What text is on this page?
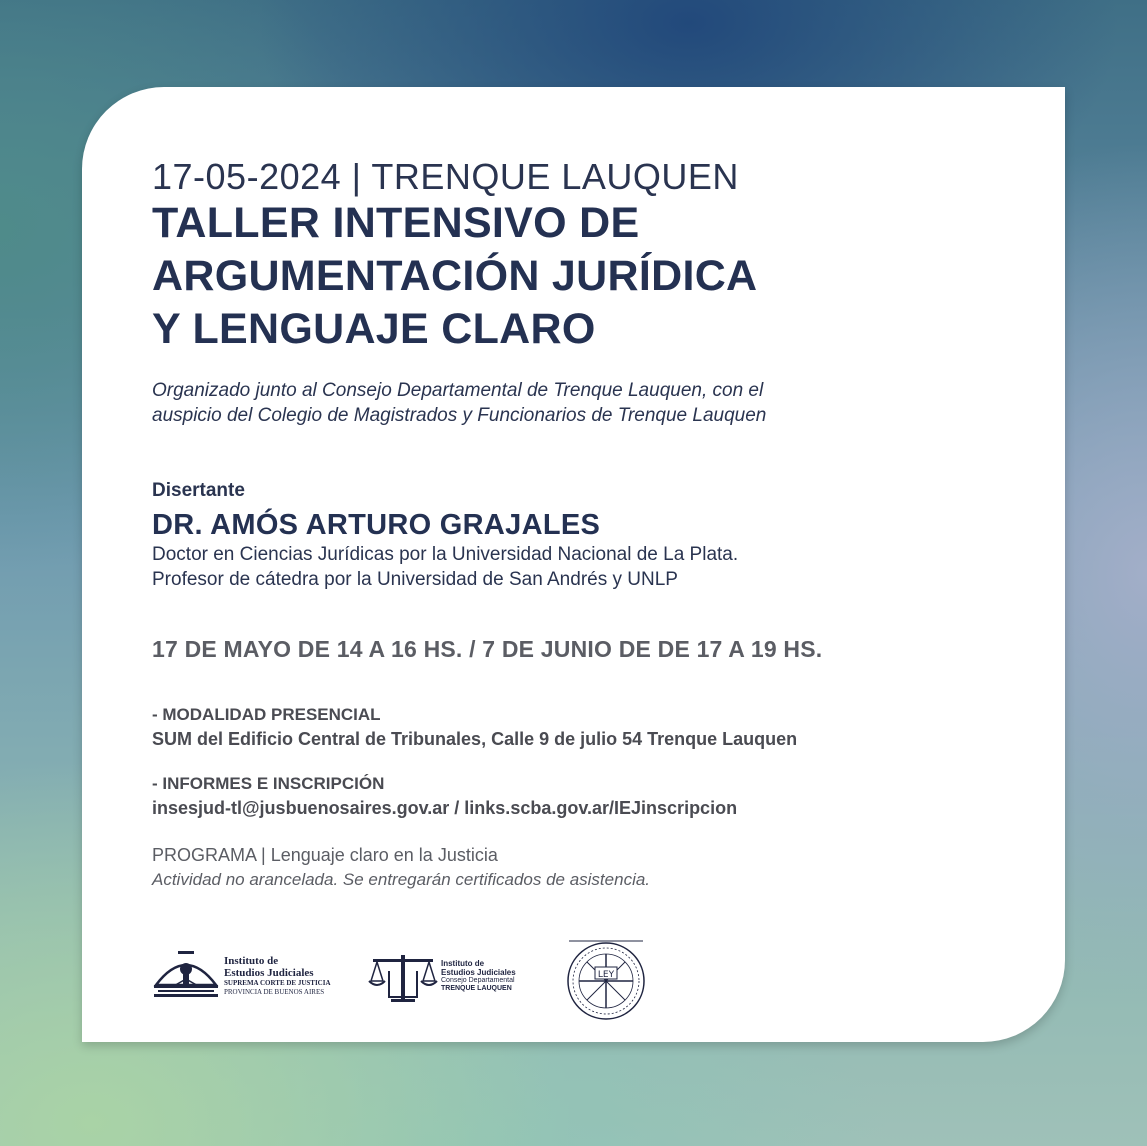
17-05-2024 | TRENQUE LAUQUEN

TALLER INTENSIVO DE

ARGUMENTACIÓN JURÍDICA

Y LENGUAJE CLARO

Organizado junto al Consejo Departamental de Trenque Lauquen, con el
auspicio del Colegio de Magistrados y Funcionarios de Trenque Lauquen
Disertante
DR. AMÓS ARTURO GRAJALES
Doctor en Ciencias Jurídicas por la Universidad Nacional de La Plata.
Profesor de cátedra por la Universidad de San Andrés y UNLP
17 DE MAYO DE 14 A 16 HS. / 7 DE JUNIO DE DE 17 A 19 HS.
- MODALIDAD PRESENCIAL
SUM del Edificio Central de Tribunales, Calle 9 de julio 54 Trenque Lauquen
- INFORMES E INSCRIPCIÓN
insesjud-tl@jusbuenosaires.gov.ar / links.scba.gov.ar/IEJinscripcion
PROGRAMA | Lenguaje claro en la Justicia
Actividad no arancelada. Se entregarán certificados de asistencia.
Instituto de
Estudios Judiciales
SUPREMA CORTE DE JUSTICIA
PROVINCIA DE BUENOS AIRES
Instituto de
Estudios Judiciales
Consejo Departamental
TRENQUE LAUQUEN
LEY
